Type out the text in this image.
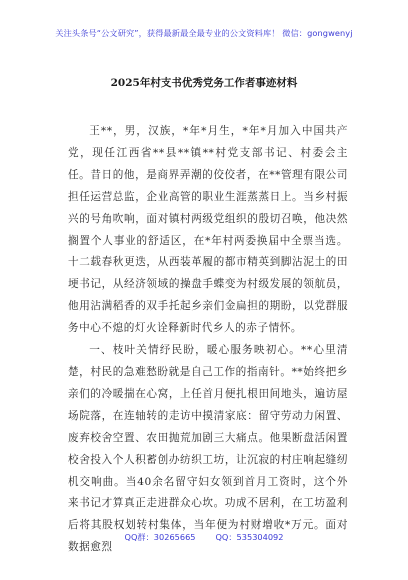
关注头条号“公文研究”，获得最新最全最专业的公文资料库！ 微信：gongwenyj
2025年村支书优秀党务工作者事迹材料

王**，男，汉族，*年*月生，*年*月加入中国共产党，现任江西省**县**镇**村党支部书记、村委会主任。昔日的他，是商界弄潮的佼佼者，在**管理有限公司担任运营总监，企业高管的职业生涯蒸蒸日上。当乡村振兴的号角吹响，面对镇村两级党组织的殷切召唤，他决然搁置个人事业的舒适区，在*年村两委换届中全票当选。十二载春秋更迭，从西装革履的都市精英到脚沾泥土的田埂书记，从经济领域的操盘手蝶变为村级发展的领航员，他用沾满稻香的双手托起乡亲们金扁担的期盼，以党群服务中心不熄的灯火诠释新时代乡人的赤子情怀。

一、枝叶关情纾民盼，暖心服务映初心。**心里清楚，村民的急难愁盼就是自己工作的指南针。**始终把乡亲们的冷暖揣在心窝，上任首月便扎根田间地头，遍访屋场院落，在连轴转的走访中摸清家底：留守劳动力闲置、废弃校舍空置、农田抛荒加剧三大痛点。他果断盘活闲置校舍投入个人积蓄创办纺织工坊，让沉寂的村庄响起缝纫机交响曲。当40余名留守妇女领到首月工资时，这个外来书记才算真正走进群众心坎。功成不居利，在工坊盈利后将其股权划转村集体，当年便为村财增收*万元。面对数据愈烈

QQ群：30265665 QQ：535304092
